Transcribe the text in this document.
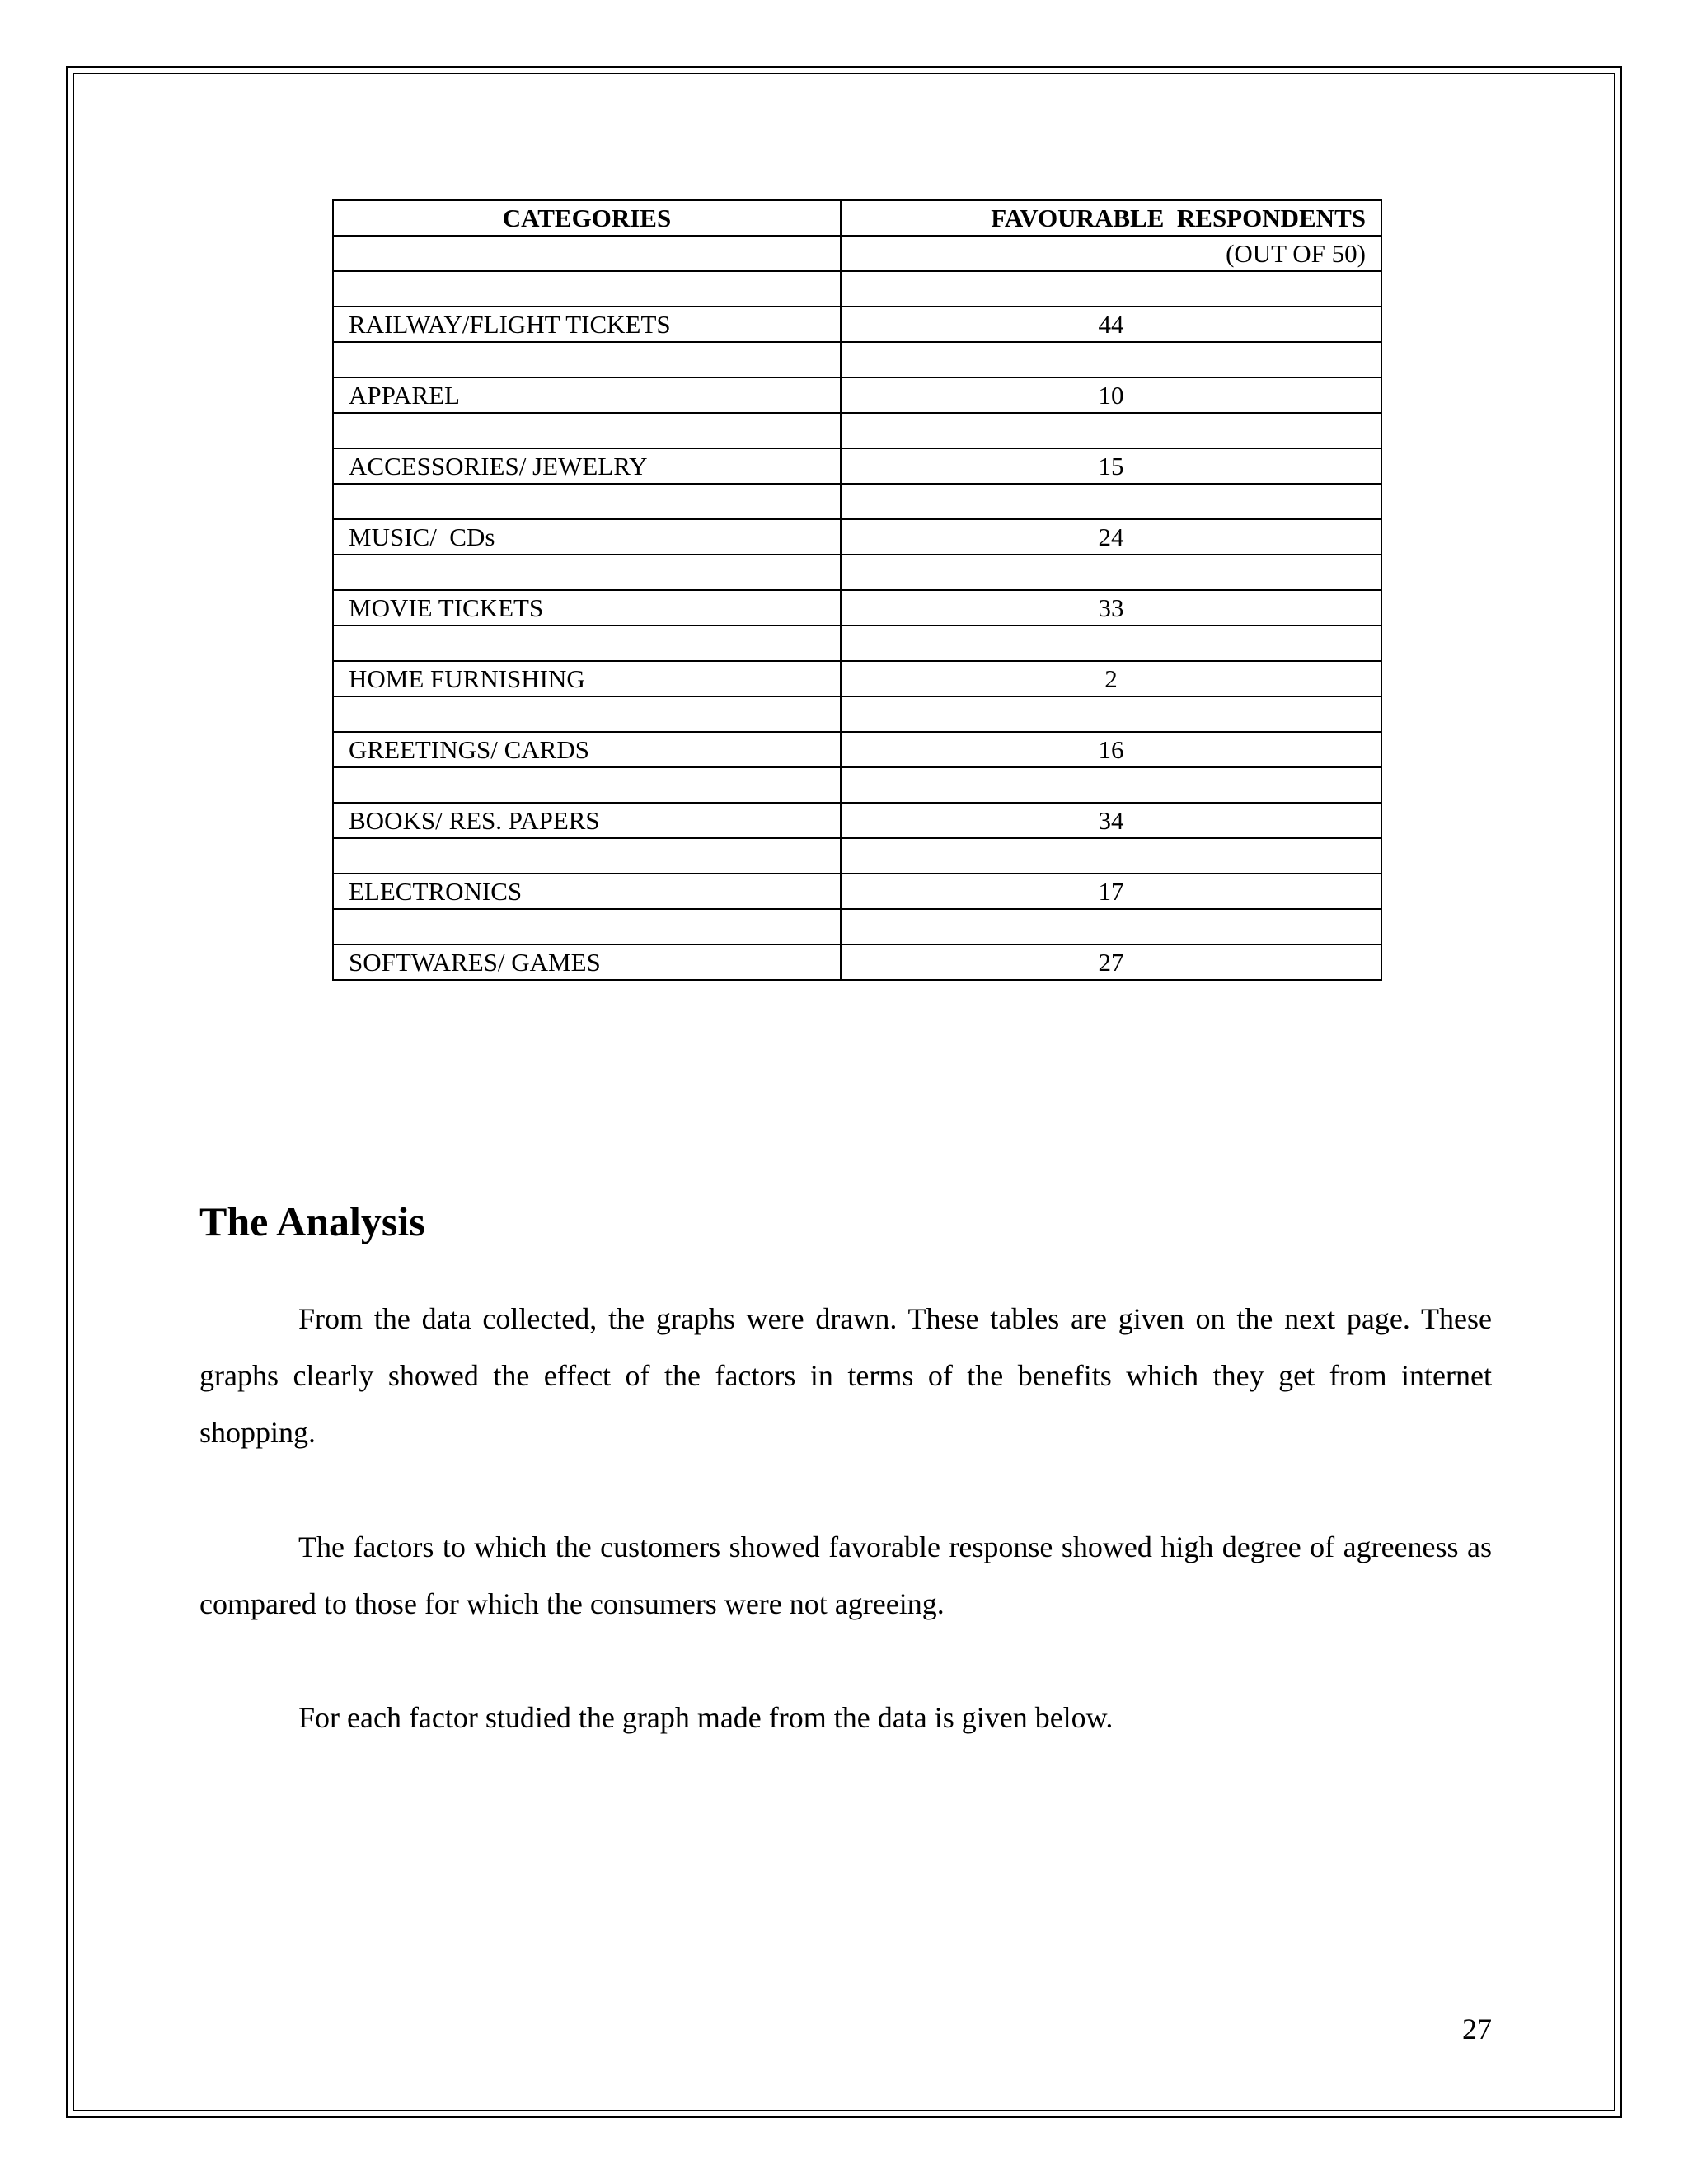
CATEGORIES	FAVOURABLE  RESPONDENTS
	(OUT OF 50)

RAILWAY/FLIGHT TICKETS	44

APPAREL	10

ACCESSORIES/ JEWELRY	15

MUSIC/  CDs	24

MOVIE TICKETS	33

HOME FURNISHING	2

GREETINGS/ CARDS	16

BOOKS/ RES. PAPERS	34

ELECTRONICS	17

SOFTWARES/ GAMES	27
The Analysis

From the data collected, the graphs were drawn. These tables are given on the next page. These graphs clearly showed the effect of the factors in terms of the benefits which they get from internet shopping.

The factors to which the customers showed favorable response showed high degree of agreeness as compared to those for which the consumers were not agreeing.

For each factor studied the graph made from the data is given below.

27
